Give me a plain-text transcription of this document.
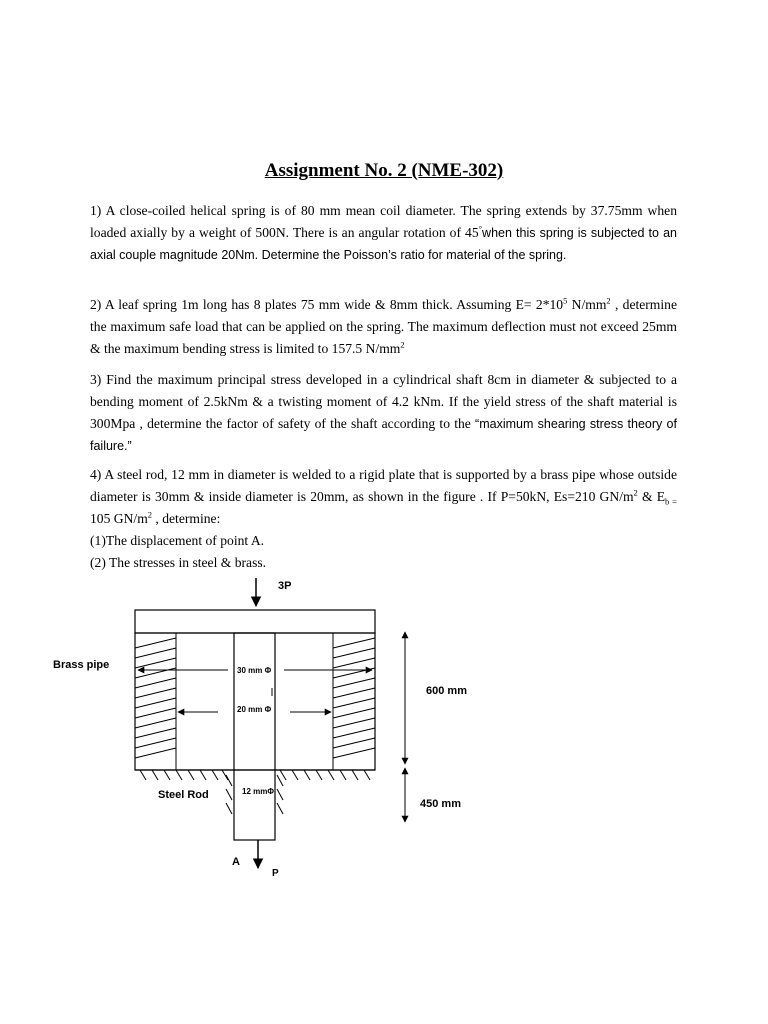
Assignment No. 2 (NME-302)

1) A close-coiled helical spring is of 80 mm mean coil diameter. The spring extends by 37.75mm when loaded axially by a weight of 500N. There is an angular rotation of 45°when this spring is subjected to an axial couple magnitude 20Nm. Determine the Poisson’s ratio for material of the spring.

2) A leaf spring 1m long has 8 plates 75 mm wide & 8mm thick. Assuming $E= 2*10^5$ $N/mm^2$ , determine the maximum safe load that can be applied on the spring. The maximum deflection must not exceed 25mm & the maximum bending stress is limited to 157.5 $N/mm^2$

3) Find the maximum principal stress developed in a cylindrical shaft 8cm in diameter & subjected to a bending moment of 2.5kNm & a twisting moment of 4.2 kNm. If the yield stress of the shaft material is 300Mpa , determine the factor of safety of the shaft according to the “maximum shearing stress theory of failure.”

4) A steel rod, 12 mm in diameter is welded to a rigid plate that is supported by a brass pipe whose outside diameter is 30mm & inside diameter is 20mm, as shown in the figure . If P=50kN, Es=210 $GN/m^2$ & $E_{b =}$ 105 $GN/m^2$ , determine:
(1)The displacement of point A.
(2) The stresses in steel & brass.

3P
30 mm Φ
20 mm Φ
12 mmΦ
Brass pipe
Steel Rod
600 mm
450 mm
A
P
